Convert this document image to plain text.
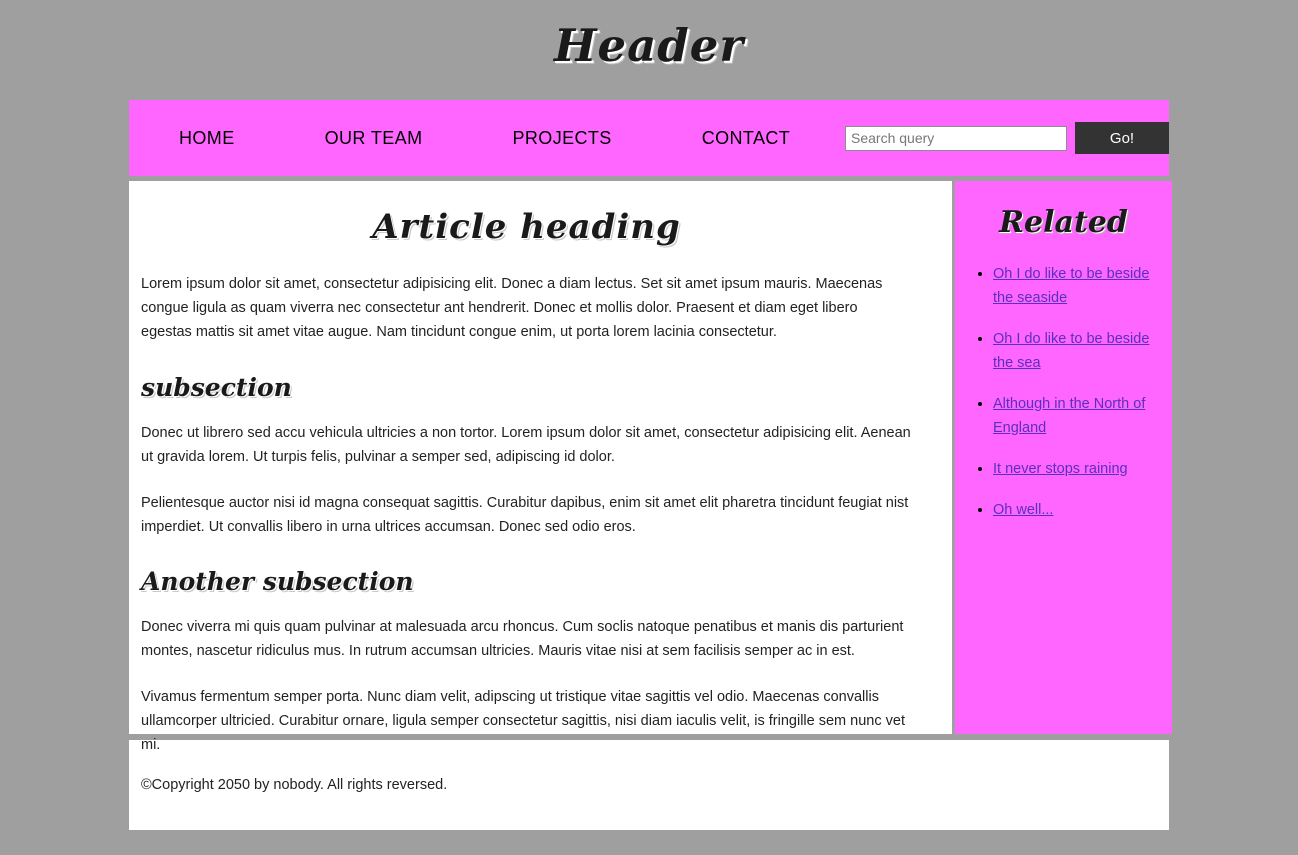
Header
HOME	OUR TEAM	PROJECTS	CONTACT
Search query	Go!
Article heading

Lorem ipsum dolor sit amet, consectetur adipisicing elit. Donec a diam lectus. Set sit amet ipsum mauris. Maecenas congue ligula as quam viverra nec consectetur ant hendrerit. Donec et mollis dolor. Praesent et diam eget libero egestas mattis sit amet vitae augue. Nam tincidunt congue enim, ut porta lorem lacinia consectetur.

subsection

Donec ut librero sed accu vehicula ultricies a non tortor. Lorem ipsum dolor sit amet, consectetur adipisicing elit. Aenean ut gravida lorem. Ut turpis felis, pulvinar a semper sed, adipiscing id dolor.

Pelientesque auctor nisi id magna consequat sagittis. Curabitur dapibus, enim sit amet elit pharetra tincidunt feugiat nist imperdiet. Ut convallis libero in urna ultrices accumsan. Donec sed odio eros.

Another subsection

Donec viverra mi quis quam pulvinar at malesuada arcu rhoncus. Cum soclis natoque penatibus et manis dis parturient montes, nascetur ridiculus mus. In rutrum accumsan ultricies. Mauris vitae nisi at sem facilisis semper ac in est.

Vivamus fermentum semper porta. Nunc diam velit, adipscing ut tristique vitae sagittis vel odio. Maecenas convallis ullamcorper ultricied. Curabitur ornare, ligula semper consectetur sagittis, nisi diam iaculis velit, is fringille sem nunc vet mi.

Related
• Oh I do like to be beside the seaside
• Oh I do like to be beside the sea
• Although in the North of England
• It never stops raining
• Oh well...

©Copyright 2050 by nobody. All rights reversed.
